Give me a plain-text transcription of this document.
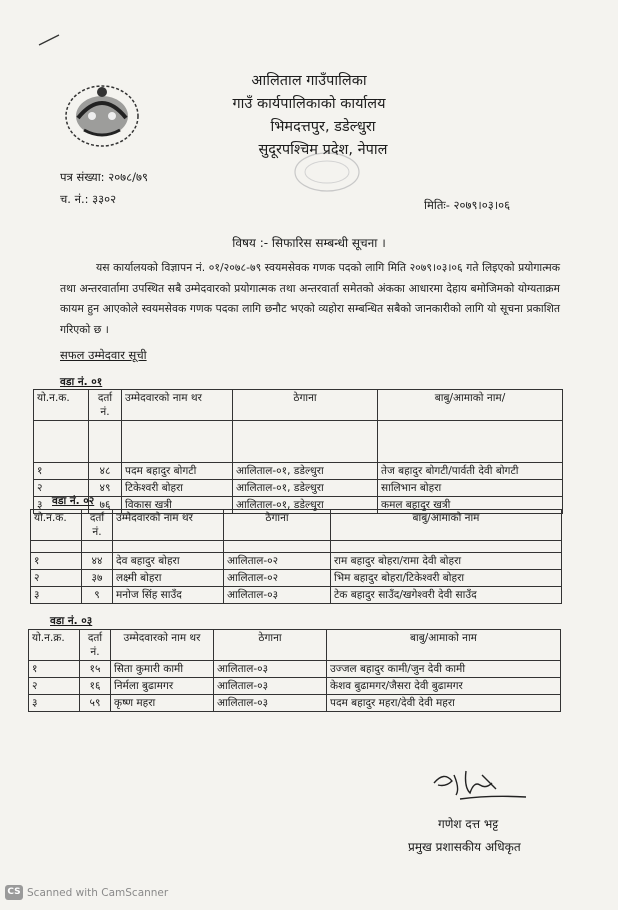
आलिताल गाउँपालिका
गाउँ कार्यपालिकाको कार्यालय
भिमदत्तपुर, डडेल्धुरा
सुदूरपश्चिम प्रदेश, नेपाल
पत्र संख्या: २०७८/७९
च. नं.: ३३०२	मितिः- २०७९।०३।०६
विषय :- सिफारिस सम्बन्धी सूचना ।
यस कार्यालयको विज्ञापन नं. ०१/२०७८-७९ स्वयमसेवक गणक पदको लागि मिति २०७९।०३।०६ गते लिइएको प्रयोगात्मक तथा अन्तरवार्तामा उपस्थित सबै उम्मेदवारको प्रयोगात्मक तथा अन्तरवार्ता समेतको अंकका आधारमा देहाय बमोजिमको योग्यताक्रम कायम हुन आएकोले स्वयमसेवक गणक पदका लागि छनौट भएको व्यहोरा सम्बन्धित सबैको जानकारीको लागि यो सूचना प्रकाशित गरिएको छ ।
सफल उम्मेदवार सूची
वडा नं. ०१
यो.न.क.	दर्ता नं.	उम्मेदवारको नाम थर	ठेगाना	बाबु/आमाको नाम/

१	४८	पदम बहादुर बोगटी	आलिताल-०१, डडेल्धुरा	तेज बहादुर बोगटी/पार्वती देवी बोगटी
२	४९	टिकेश्वरी बोहरा	आलिताल-०१, डडेल्धुरा	सालिभान बोहरा
३	७६	विकास खत्री	आलिताल-०१, डडेल्धुरा	कमल बहादुर खत्री
वडा नं. ०२
यो.न.क.	दर्ता नं.	उम्मेदवारको नाम थर	ठेगाना	बाबु/आमाको नाम

१	४४	देव बहादुर बोहरा	आलिताल-०२	राम बहादुर बोहरा/रामा देवी बोहरा
२	३७	लक्ष्मी बोहरा	आलिताल-०२	भिम बहादुर बोहरा/टिकेश्वरी बोहरा
३	९	मनोज सिंह साउँद	आलिताल-०३	टेक बहादुर साउँद/खगेश्वरी देवी साउँद
वडा नं. ०३
यो.न.क्र.	दर्ता नं.	उम्मेदवारको नाम थर	ठेगाना	बाबु/आमाको नाम
१	१५	सिता कुमारी कामी	आलिताल-०३	उज्जल बहादुर कामी/जुन देवी कामी
२	१६	निर्मला बुढामगर	आलिताल-०३	केशव बुढामगर/जैसरा देवी बुढामगर
३	५९	कृष्ण महरा	आलिताल-०३	पदम बहादुर महरा/देवी देवी महरा
गणेश दत्त भट्ट
प्रमुख प्रशासकीय अधिकृत
CS Scanned with CamScanner
